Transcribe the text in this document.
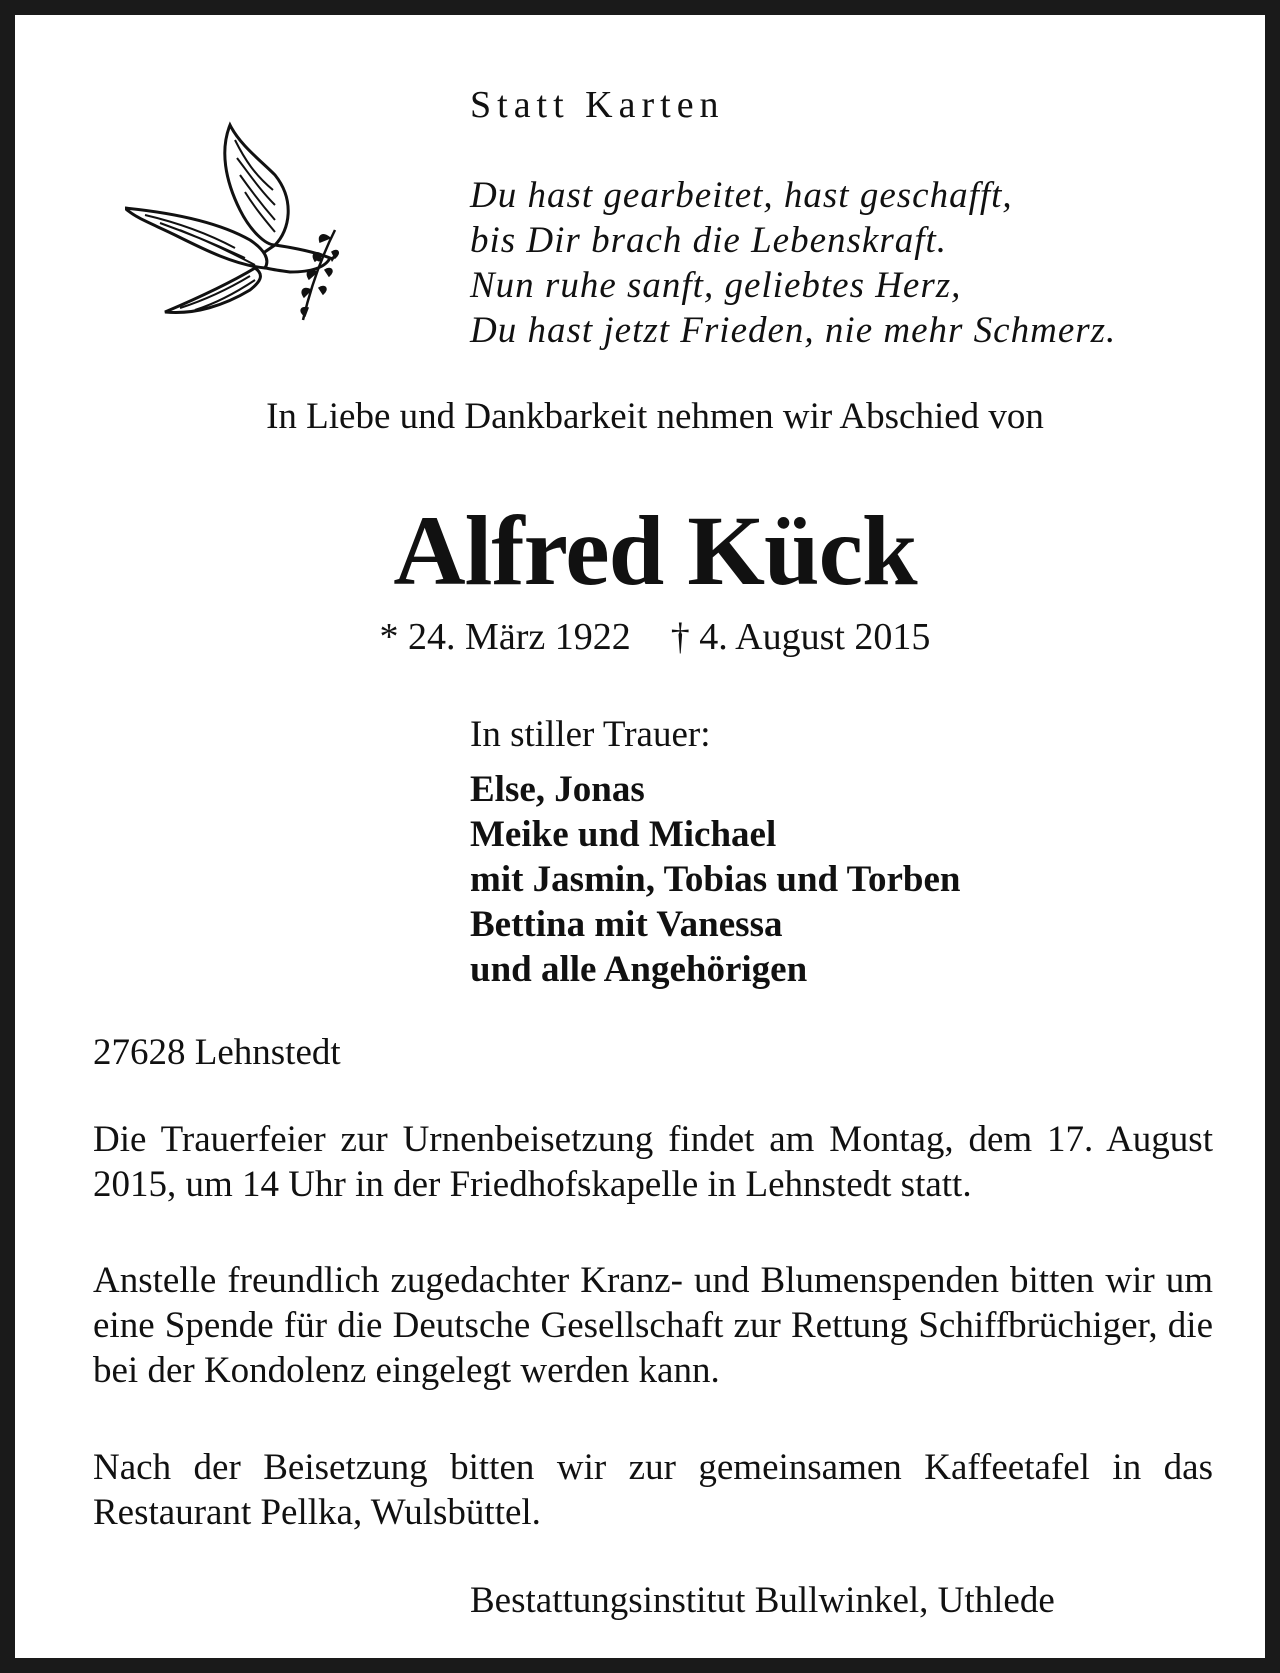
Statt Karten
Du hast gearbeitet, hast geschafft,
bis Dir brach die Lebenskraft.
Nun ruhe sanft, geliebtes Herz,
Du hast jetzt Frieden, nie mehr Schmerz.
In Liebe und Dankbarkeit nehmen wir Abschied von
Alfred Kück
* 24. März 1922 † 4. August 2015
In stiller Trauer:
Else, Jonas
Meike und Michael
mit Jasmin, Tobias und Torben
Bettina mit Vanessa
und alle Angehörigen
27628 Lehnstedt
Die Trauerfeier zur Urnenbeisetzung findet am Montag, dem 17. August 2015, um 14 Uhr in der Friedhofskapelle in Lehnstedt statt.
Anstelle freundlich zugedachter Kranz- und Blumenspenden bitten wir um eine Spende für die Deutsche Gesellschaft zur Rettung Schiffbrüchiger, die bei der Kondolenz eingelegt werden kann.
Nach der Beisetzung bitten wir zur gemeinsamen Kaffeetafel in das Restaurant Pellka, Wulsbüttel.
Bestattungsinstitut Bullwinkel, Uthlede
